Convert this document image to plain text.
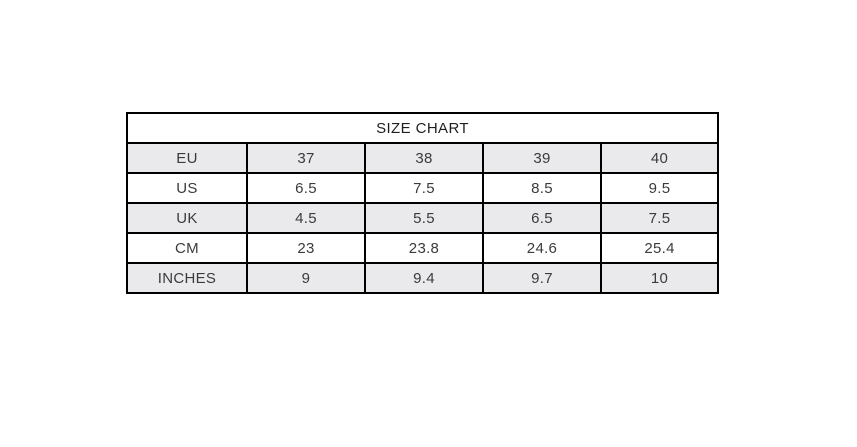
SIZE CHART				
EU	37	38	39	40
US	6.5	7.5	8.5	9.5
UK	4.5	5.5	6.5	7.5
CM	23	23.8	24.6	25.4
INCHES	9	9.4	9.7	10
